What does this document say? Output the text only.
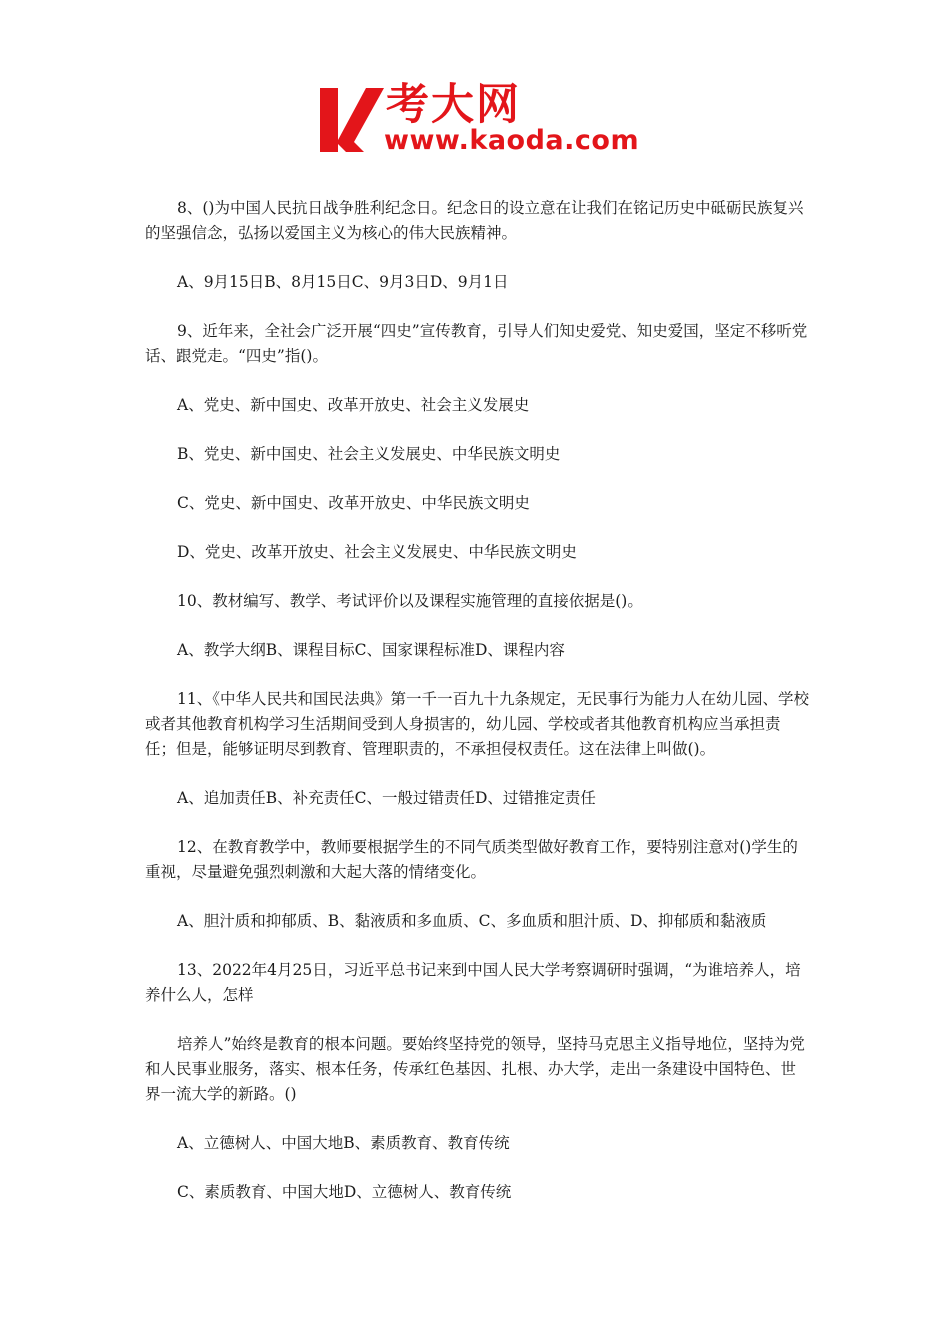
考大网
www.kaoda.com

8、()为中国人民抗日战争胜利纪念日。纪念日的设立意在让我们在铭记历史中砥砺民族复兴的坚强信念，弘扬以爱国主义为核心的伟大民族精神。

A、9月15日B、8月15日C、9月3日D、9月1日

9、近年来，全社会广泛开展“四史”宣传教育，引导人们知史爱党、知史爱国，坚定不移听党话、跟党走。“四史”指()。

A、党史、新中国史、改革开放史、社会主义发展史

B、党史、新中国史、社会主义发展史、中华民族文明史

C、党史、新中国史、改革开放史、中华民族文明史

D、党史、改革开放史、社会主义发展史、中华民族文明史

10、教材编写、教学、考试评价以及课程实施管理的直接依据是()。

A、教学大纲B、课程目标C、国家课程标准D、课程内容

11、《中华人民共和国民法典》第一千一百九十九条规定，无民事行为能力人在幼儿园、学校或者其他教育机构学习生活期间受到人身损害的，幼儿园、学校或者其他教育机构应当承担责任；但是，能够证明尽到教育、管理职责的，不承担侵权责任。这在法律上叫做()。

A、追加责任B、补充责任C、一般过错责任D、过错推定责任

12、在教育教学中，教师要根据学生的不同气质类型做好教育工作，要特别注意对()学生的重视，尽量避免强烈刺激和大起大落的情绪变化。

A、胆汁质和抑郁质、B、黏液质和多血质、C、多血质和胆汁质、D、抑郁质和黏液质

13、2022年4月25日，习近平总书记来到中国人民大学考察调研时强调，“为谁培养人，培养什么人，怎样

培养人”始终是教育的根本问题。要始终坚持党的领导，坚持马克思主义指导地位，坚持为党和人民事业服务，落实、根本任务，传承红色基因、扎根、办大学，走出一条建设中国特色、世界一流大学的新路。()

A、立德树人、中国大地B、素质教育、教育传统

C、素质教育、中国大地D、立德树人、教育传统
